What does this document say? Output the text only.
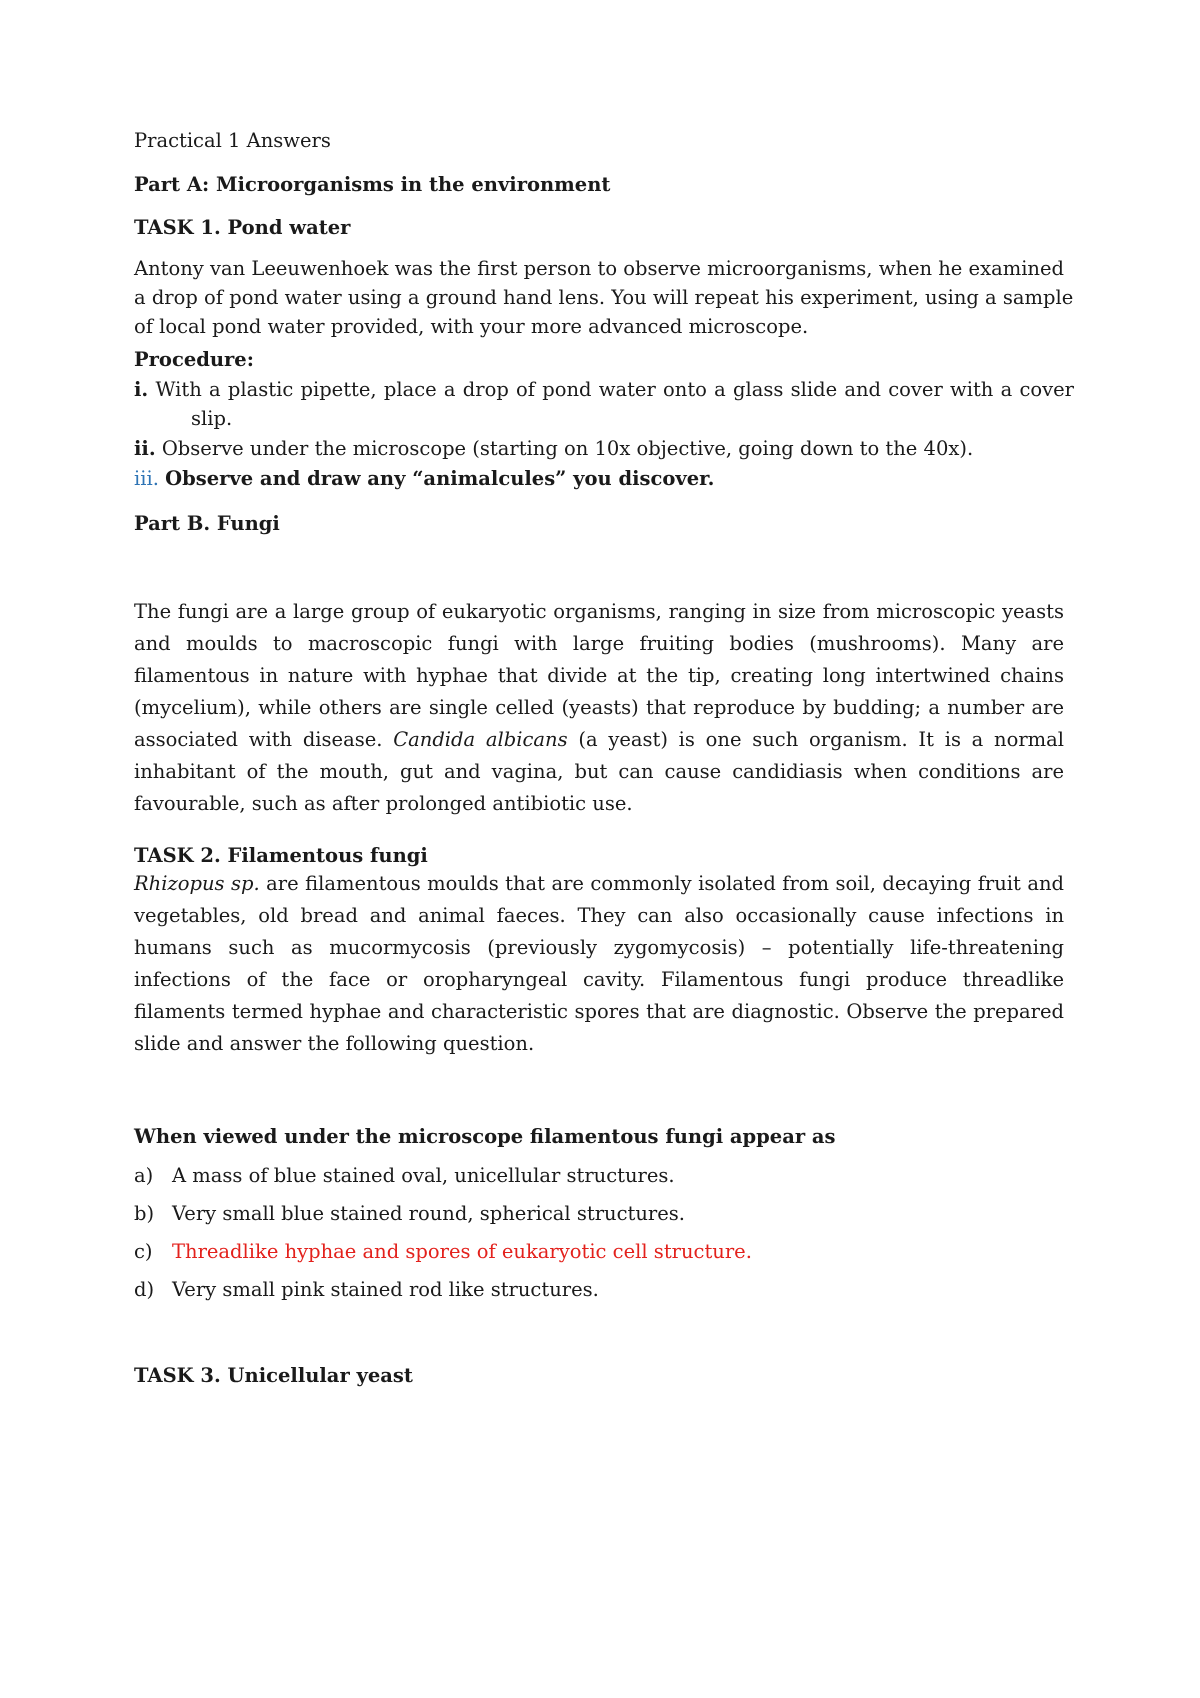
Practical 1 Answers
Part A: Microorganisms in the environment
TASK 1. Pond water
Antony van Leeuwenhoek was the first person to observe microorganisms, when he examined
a drop of pond water using a ground hand lens. You will repeat his experiment, using a sample
of local pond water provided, with your more advanced microscope.
Procedure:
i. With a plastic pipette, place a drop of pond water onto a glass slide and cover with a cover
slip.
ii. Observe under the microscope (starting on 10x objective, going down to the 40x).
iii. Observe and draw any “animalcules” you discover.
Part B. Fungi

The fungi are a large group of eukaryotic organisms, ranging in size from microscopic yeasts and moulds to macroscopic fungi with large fruiting bodies (mushrooms). Many are filamentous in nature with hyphae that divide at the tip, creating long intertwined chains (mycelium), while others are single celled (yeasts) that reproduce by budding; a number are associated with disease. Candida albicans (a yeast) is one such organism. It is a normal inhabitant of the mouth, gut and vagina, but can cause candidiasis when conditions are favourable, such as after prolonged antibiotic use.

TASK 2. Filamentous fungi

Rhizopus sp. are filamentous moulds that are commonly isolated from soil, decaying fruit and vegetables, old bread and animal faeces. They can also occasionally cause infections in humans such as mucormycosis (previously zygomycosis) – potentially life-threatening infections of the face or oropharyngeal cavity. Filamentous fungi produce threadlike filaments termed hyphae and characteristic spores that are diagnostic. Observe the prepared slide and answer the following question.

When viewed under the microscope filamentous fungi appear as
a) A mass of blue stained oval, unicellular structures.
b) Very small blue stained round, spherical structures.
c) Threadlike hyphae and spores of eukaryotic cell structure.
d) Very small pink stained rod like structures.
TASK 3. Unicellular yeast
